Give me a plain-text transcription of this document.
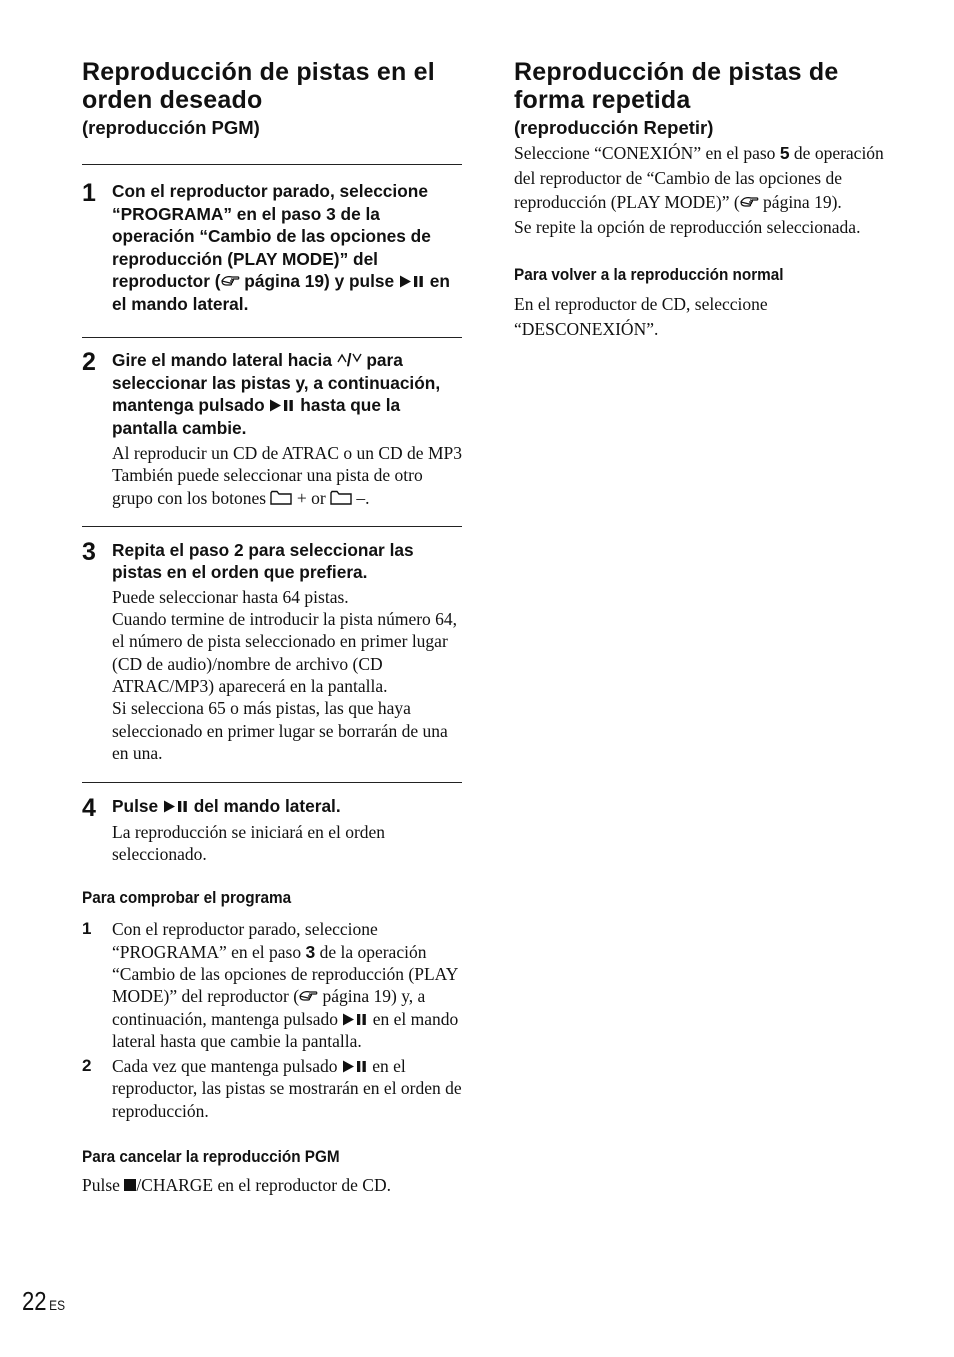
Reproducción de pistas en el orden deseado
(reproducción PGM)
1 Con el reproductor parado, seleccione “PROGRAMA” en el paso 3 de la operación “Cambio de las opciones de reproducción (PLAY MODE)” del reproductor ( página 19) y pulse  en el mando lateral.

2 Gire el mando lateral hacia / para seleccionar las pistas y, a continuación, mantenga pulsado  hasta que la pantalla cambie.

Al reproducir un CD de ATRAC o un CD de MP3 También puede seleccionar una pista de otro grupo con los botones  + or  –.

3 Repita el paso 2 para seleccionar las pistas en el orden que prefiera.

Puede seleccionar hasta 64 pistas.
Cuando termine de introducir la pista número 64, el número de pista seleccionado en primer lugar (CD de audio)/nombre de archivo (CD ATRAC/MP3) aparecerá en la pantalla.
Si selecciona 65 o más pistas, las que haya seleccionado en primer lugar se borrarán de una en una.

4 Pulse  del mando lateral.

La reproducción se iniciará en el orden seleccionado.

Para comprobar el programa
1 Con el reproductor parado, seleccione “PROGRAMA” en el paso 3 de la operación “Cambio de las opciones de reproducción (PLAY MODE)” del reproductor ( página 19) y, a continuación, mantenga pulsado  en el mando lateral hasta que cambie la pantalla.
2 Cada vez que mantenga pulsado  en el reproductor, las pistas se mostrarán en el orden de reproducción.
Para cancelar la reproducción PGM

Pulse /CHARGE en el reproductor de CD.

Reproducción de pistas de forma repetida
(reproducción Repetir)

Seleccione “CONEXIÓN” en el paso 5 de operación del reproductor de “Cambio de las opciones de reproducción (PLAY MODE)” ( página 19).
Se repite la opción de reproducción seleccionada.

Para volver a la reproducción normal

En el reproductor de CD, seleccione “DESCONEXIÓN”.

22 ES
